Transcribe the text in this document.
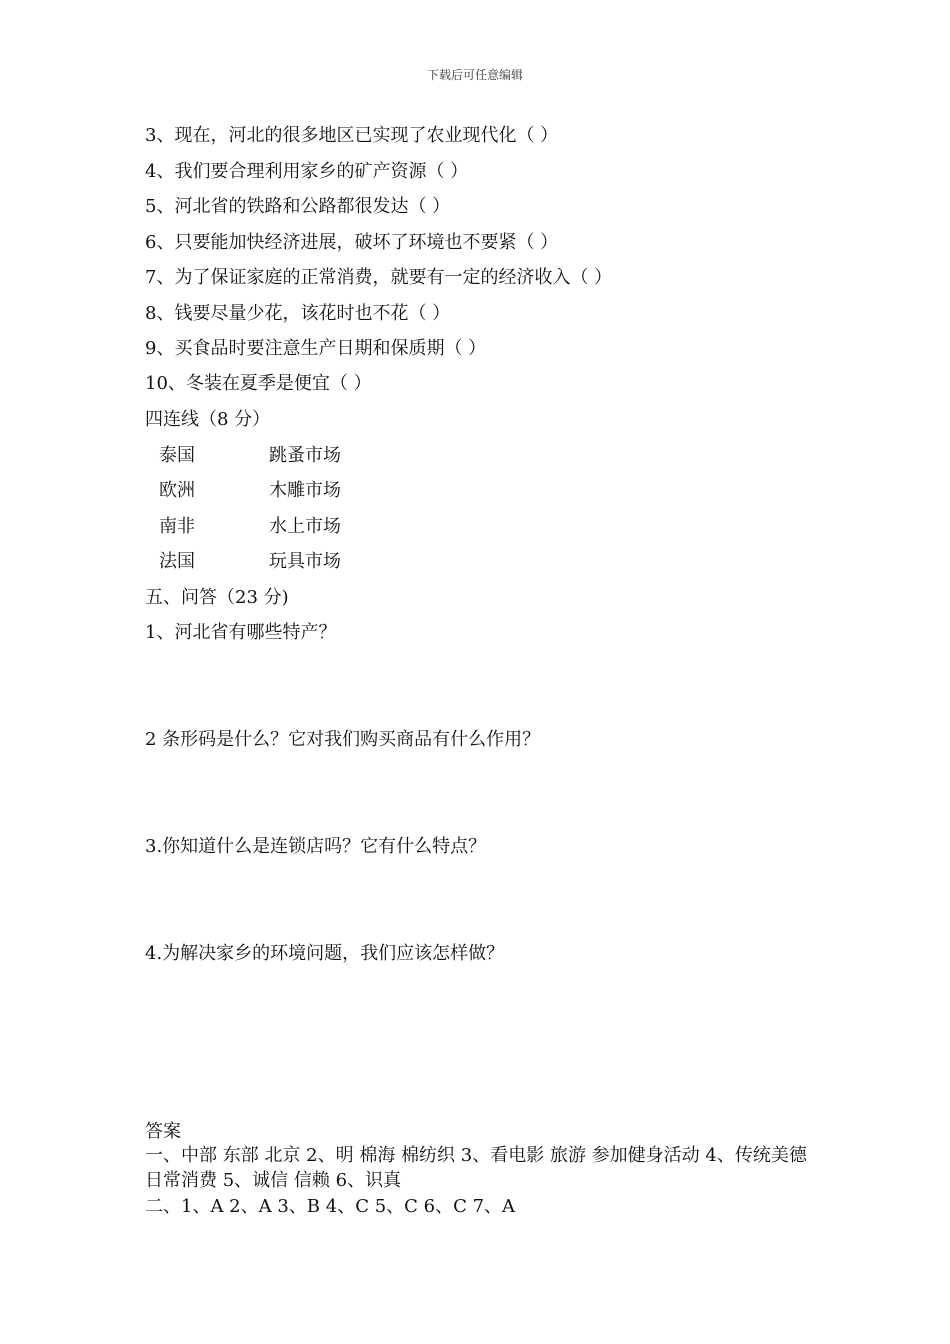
下载后可任意编辑
3、现在，河北的很多地区已实现了农业现代化（ ）
4、我们要合理利用家乡的矿产资源（ ）
5、河北省的铁路和公路都很发达（ ）
6、只要能加快经济进展，破坏了环境也不要紧（ ）
7、为了保证家庭的正常消费，就要有一定的经济收入（ ）
8、钱要尽量少花，该花时也不花（ ）
9、买食品时要注意生产日期和保质期（ ）
10、冬装在夏季是便宜（ ）
四连线（8 分）
泰国	跳蚤市场
欧洲	木雕市场
南非	水上市场
法国	玩具市场
五、问答（23 分)
1、河北省有哪些特产？
2 条形码是什么？它对我们购买商品有什么作用？
3.你知道什么是连锁店吗？它有什么特点？
4.为解决家乡的环境问题，我们应该怎样做？
答案
一、中部 东部 北京 2、明 棉海 棉纺织 3、看电影 旅游 参加健身活动 4、传统美德 日常消费 5、诚信 信赖 6、识真
二、1、A 2、A 3、B 4、C 5、C 6、C 7、A
